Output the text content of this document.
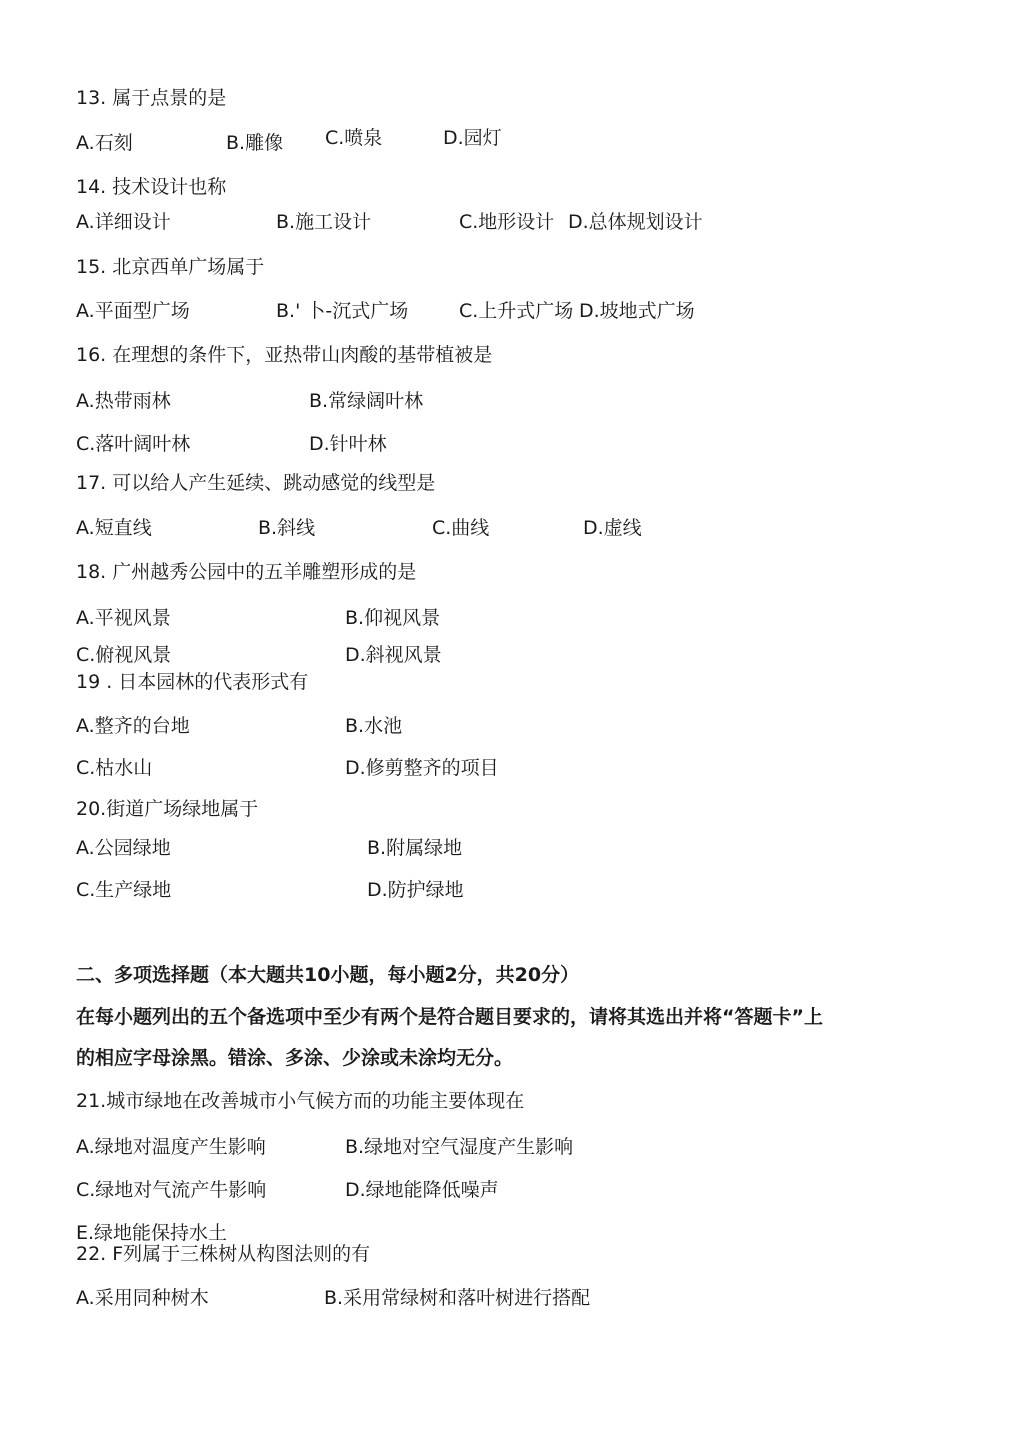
13. 属于点景的是
A.石刻	B.雕像 C.喷泉	D.园灯
14. 技术设计也称
A.详细设计	B.施工设计	C.地形设计 D.总体规划设计
15. 北京西单广场属于
A.平面型广场	B.' 卜-沉式广场	C.上升式广场 D.坡地式广场
16. 在理想的条件下，亚热带山肉酸的基带植被是
A.热带雨林	B.常绿阔叶林
C.落叶阔叶林	D.针叶林
17. 可以给人产生延续、跳动感觉的线型是
A.短直线	B.斜线	C.曲线	D.虚线
18. 广州越秀公园中的五羊雕塑形成的是
A.平视风景	B.仰视风景
C.俯视风景	D.斜视风景
19 . 日本园林的代表形式有
A.整齐的台地	B.水池
C.枯水山	D.修剪整齐的项目
20.街道广场绿地属于
A.公园绿地	B.附属绿地
C.生产绿地	D.防护绿地
二、多项选择题（本大题共10小题，每小题2分，共20分）
在每小题列出的五个备选项中至少有两个是符合题目要求的，请将其选出并将“答题卡”上
的相应字母涂黑。错涂、多涂、少涂或未涂均无分。
21.城市绿地在改善城市小气候方而的功能主要体现在
A.绿地对温度产生影响	B.绿地对空气湿度产生影响
C.绿地对气流产牛影响	D.绿地能降低噪声
E.绿地能保持水土
22. F列属于三株树从构图法则的有
A.采用同种树木	B.采用常绿树和落叶树进行搭配
